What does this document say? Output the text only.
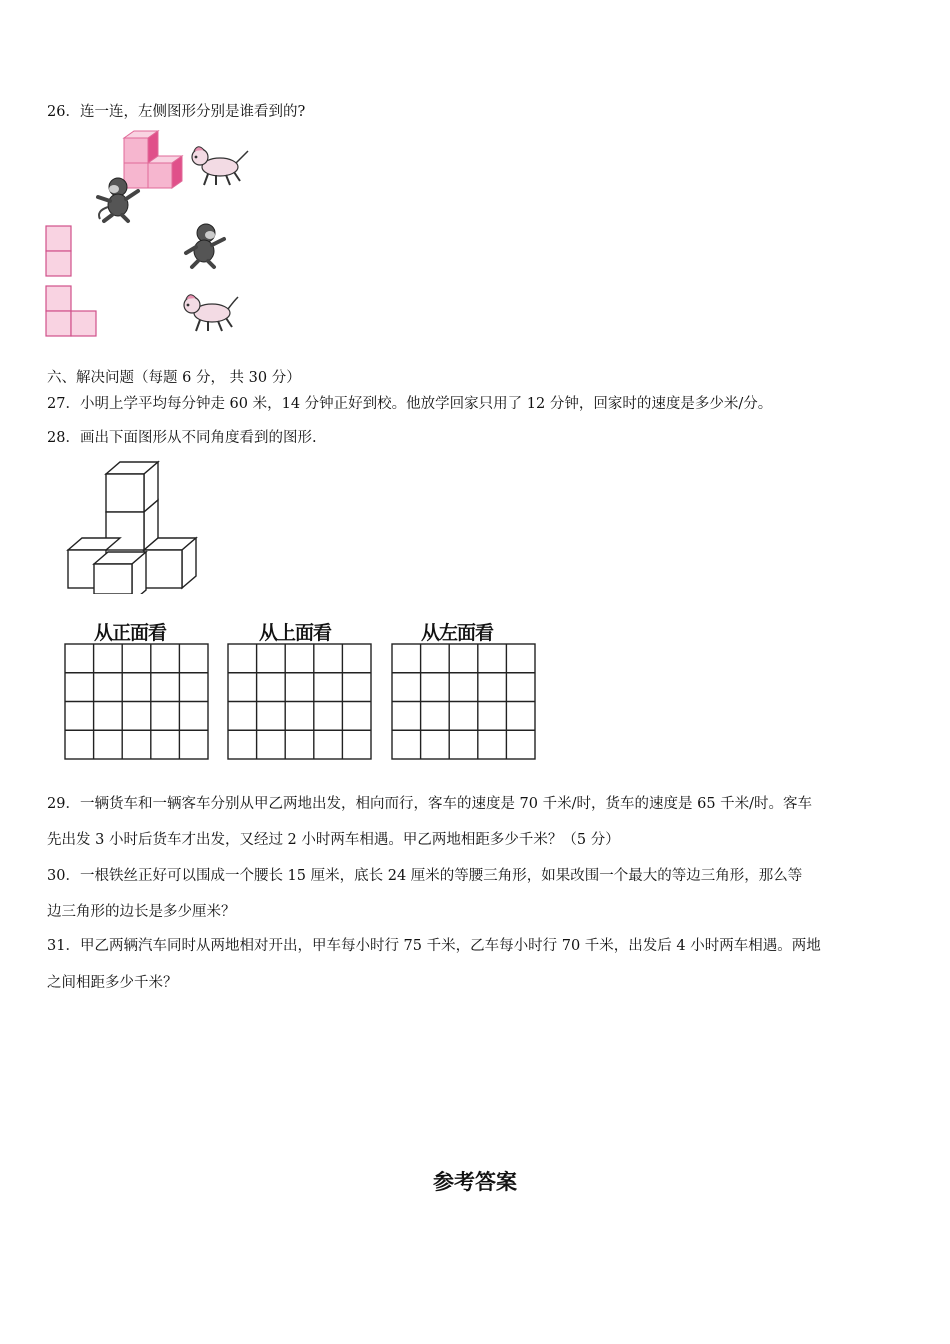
26．连一连，左侧图形分别是谁看到的?
六、解决问题（每题 6 分， 共 30 分）
27．小明上学平均每分钟走 60 米，14 分钟正好到校。他放学回家只用了 12 分钟，回家时的速度是多少米/分。
28．画出下面图形从不同角度看到的图形.
从正面看	从上面看	从左面看
29．一辆货车和一辆客车分别从甲乙两地出发，相向而行，客车的速度是 70 千米/时，货车的速度是 65 千米/时。客车
先出发 3 小时后货车才出发，又经过 2 小时两车相遇。甲乙两地相距多少千米？（5 分）
30．一根铁丝正好可以围成一个腰长 15 厘米，底长 24 厘米的等腰三角形，如果改围一个最大的等边三角形，那么等
边三角形的边长是多少厘米？
31．甲乙两辆汽车同时从两地相对开出，甲车每小时行 75 千米，乙车每小时行 70 千米，出发后 4 小时两车相遇。两地
之间相距多少千米？
参考答案
